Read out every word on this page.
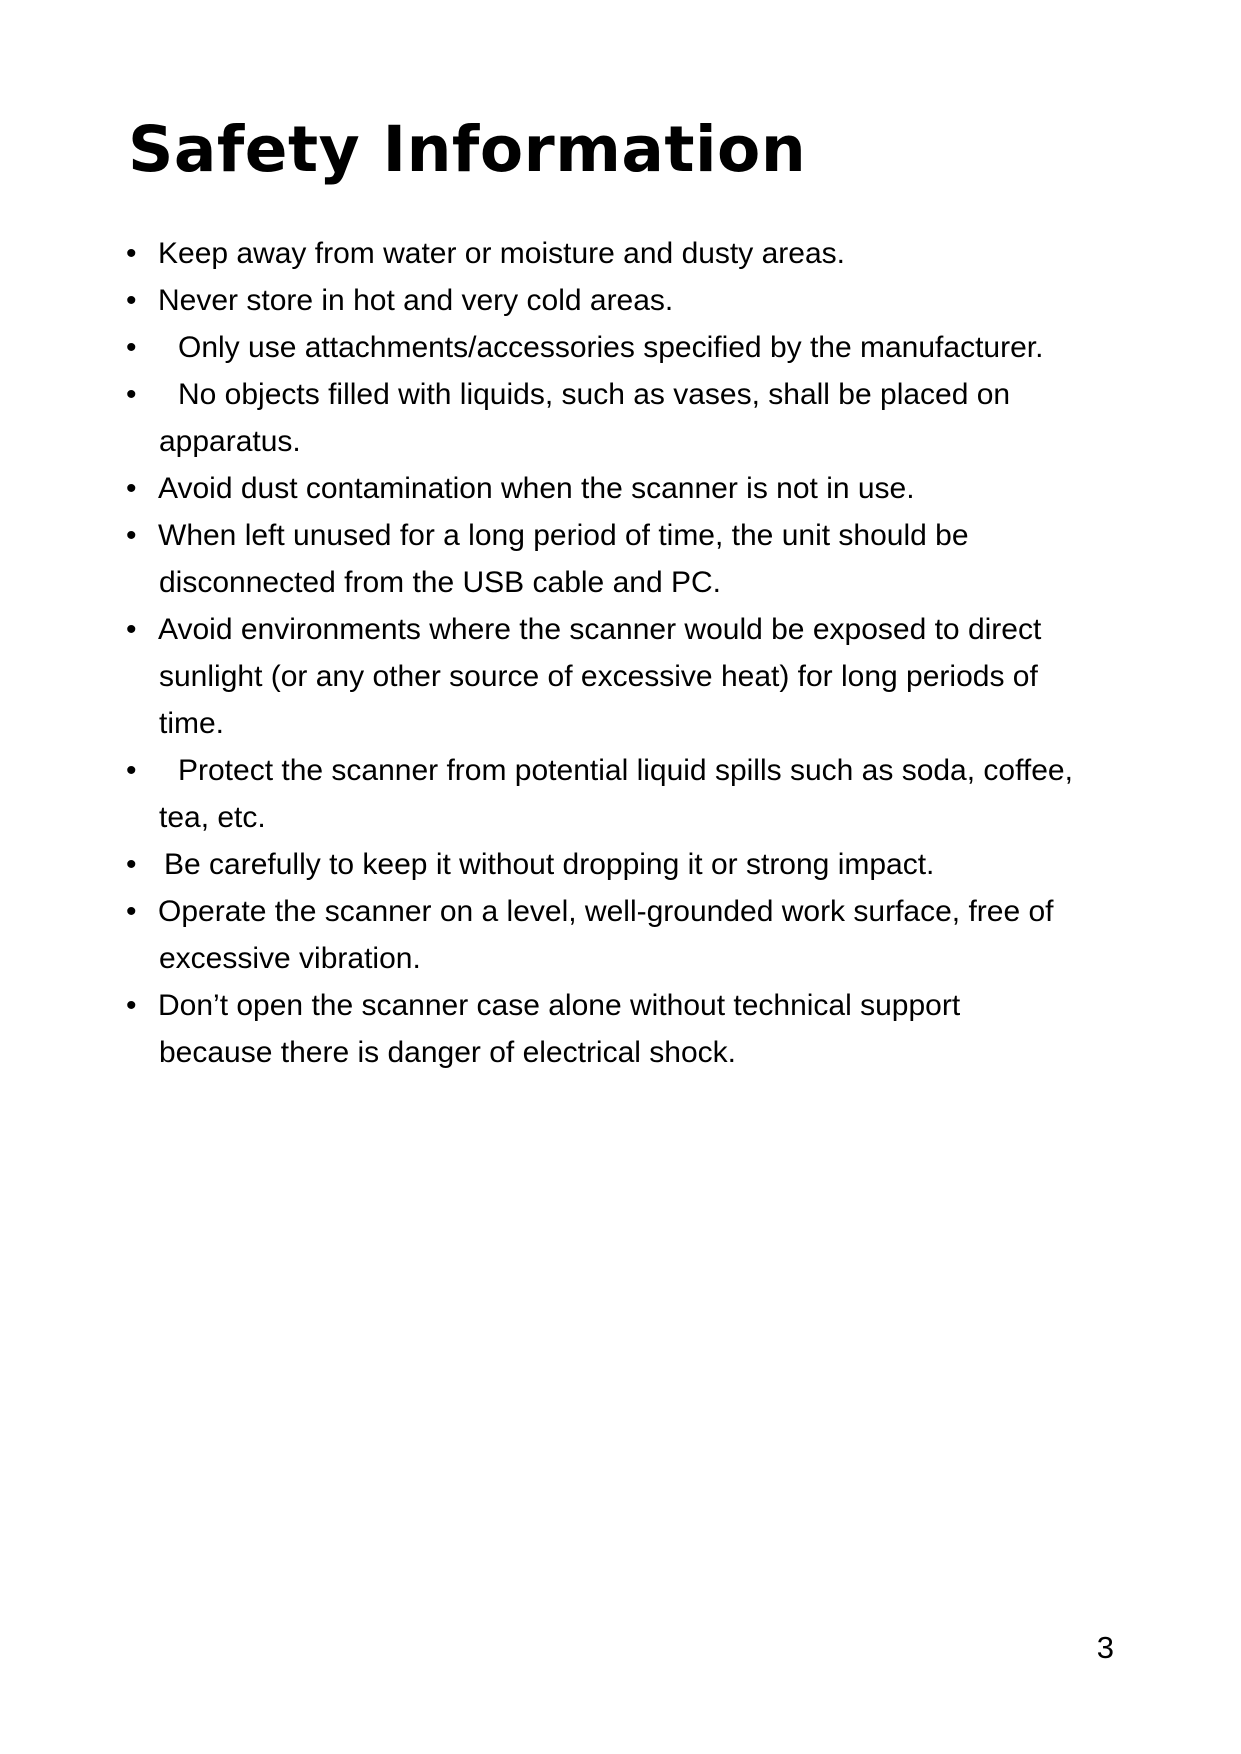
Safety Information
• Keep away from water or moisture and dusty areas.
• Never store in hot and very cold areas.
•	Only use attachments/accessories specified by the manufacturer.
•	No objects filled with liquids, such as vases, shall be placed on
apparatus.
• Avoid dust contamination when the scanner is not in use.
• When left unused for a long period of time, the unit should be
disconnected from the USB cable and PC.
• Avoid environments where the scanner would be exposed to direct
sunlight (or any other source of excessive heat) for long periods of
time.
•	Protect the scanner from potential liquid spills such as soda, coffee,
tea, etc.
• Be carefully to keep it without dropping it or strong impact.
• Operate the scanner on a level, well-grounded work surface, free of
excessive vibration.
• Don’t open the scanner case alone without technical support
because there is danger of electrical shock.
3
